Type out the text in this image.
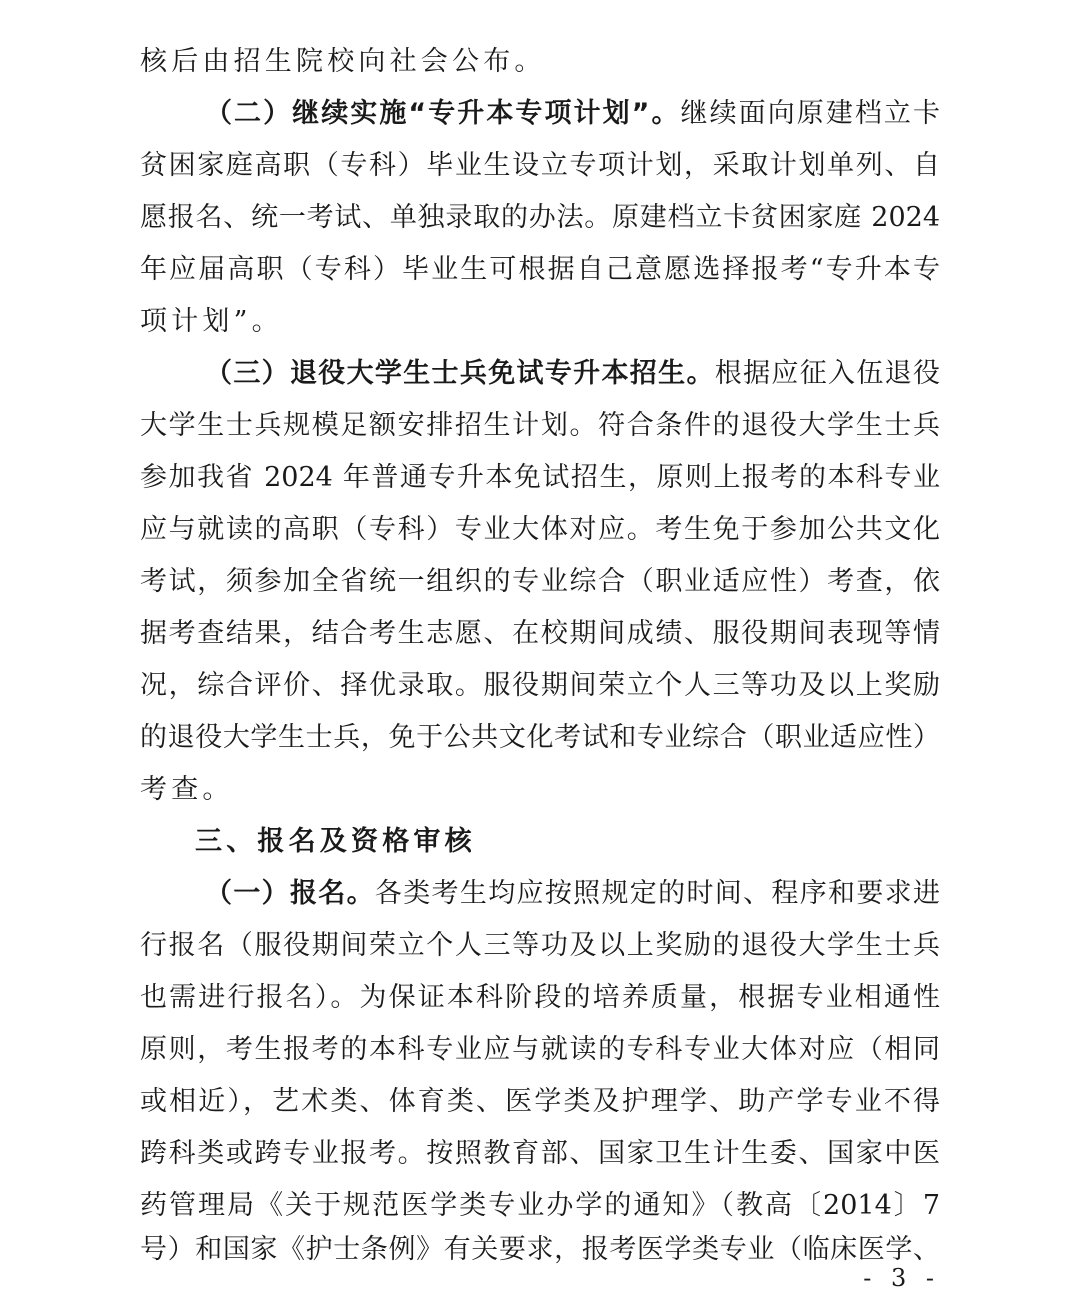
核后由招生院校向社会公布。
（二）继续实施“专升本专项计划”。继续面向原建档立卡
贫困家庭高职（专科）毕业生设立专项计划，采取计划单列、自
愿报名、统一考试、单独录取的办法。原建档立卡贫困家庭 2024
年应届高职（专科）毕业生可根据自己意愿选择报考“专升本专
项计划”。
（三）退役大学生士兵免试专升本招生。根据应征入伍退役
大学生士兵规模足额安排招生计划。符合条件的退役大学生士兵
参加我省 2024 年普通专升本免试招生，原则上报考的本科专业
应与就读的高职（专科）专业大体对应。考生免于参加公共文化
考试，须参加全省统一组织的专业综合（职业适应性）考查，依
据考查结果，结合考生志愿、在校期间成绩、服役期间表现等情
况，综合评价、择优录取。服役期间荣立个人三等功及以上奖励
的退役大学生士兵，免于公共文化考试和专业综合（职业适应性）
考查。
三、报名及资格审核
（一）报名。各类考生均应按照规定的时间、程序和要求进
行报名（服役期间荣立个人三等功及以上奖励的退役大学生士兵
也需进行报名）。为保证本科阶段的培养质量，根据专业相通性
原则，考生报考的本科专业应与就读的专科专业大体对应（相同
或相近），艺术类、体育类、医学类及护理学、助产学专业不得
跨科类或跨专业报考。按照教育部、国家卫生计生委、国家中医
药管理局《关于规范医学类专业办学的通知》（教高〔2014〕7
号）和国家《护士条例》有关要求，报考医学类专业（临床医学、
- 3 -
